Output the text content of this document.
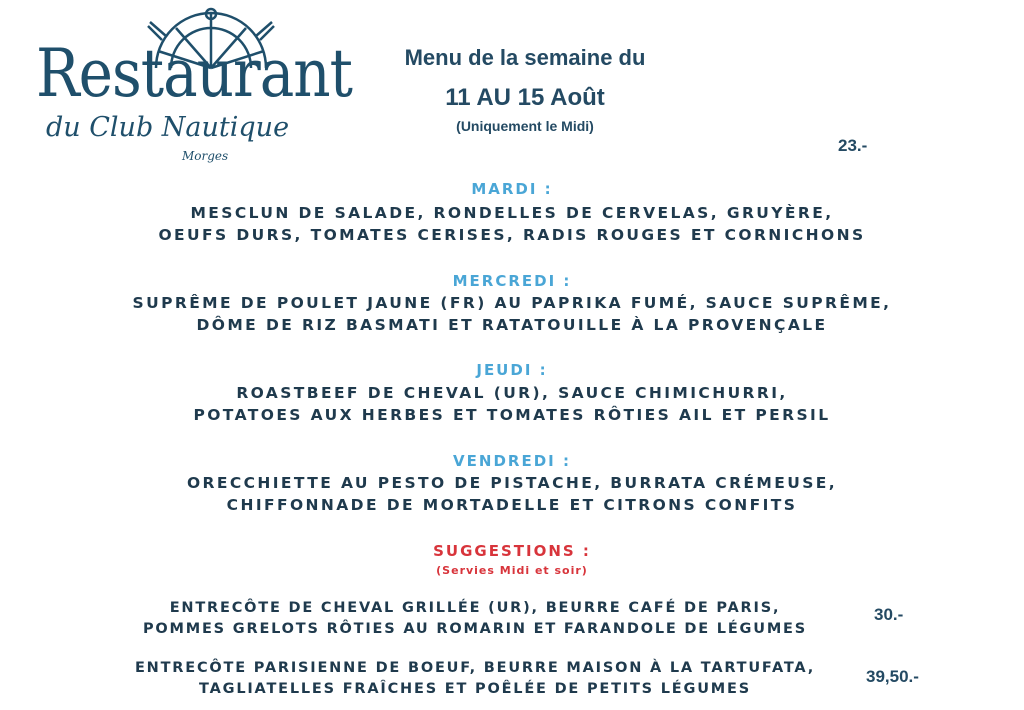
Restaurant
du Club Nautique
Morges
Menu de la semaine du
11 AU 15 Août
(Uniquement le Midi)
23.-
MARDI :
MESCLUN DE SALADE, RONDELLES DE CERVELAS, GRUYÈRE,
OEUFS DURS, TOMATES CERISES, RADIS ROUGES ET CORNICHONS
MERCREDI :
SUPRÊME DE POULET JAUNE (FR) AU PAPRIKA FUMÉ, SAUCE SUPRÊME,
DÔME DE RIZ BASMATI ET RATATOUILLE À LA PROVENÇALE
JEUDI :
ROASTBEEF DE CHEVAL (UR), SAUCE CHIMICHURRI,
POTATOES AUX HERBES ET TOMATES RÔTIES AIL ET PERSIL
VENDREDI :
ORECCHIETTE AU PESTO DE PISTACHE, BURRATA CRÉMEUSE,
CHIFFONNADE DE MORTADELLE ET CITRONS CONFITS
SUGGESTIONS :
(Servies Midi et soir)
ENTRECÔTE DE CHEVAL GRILLÉE (UR), BEURRE CAFÉ DE PARIS,
POMMES GRELOTS RÔTIES AU ROMARIN ET FARANDOLE DE LÉGUMES
30.-
ENTRECÔTE PARISIENNE DE BOEUF, BEURRE MAISON À LA TARTUFATA,
TAGLIATELLES FRAÎCHES ET POÊLÉE DE PETITS LÉGUMES
39,50.-
